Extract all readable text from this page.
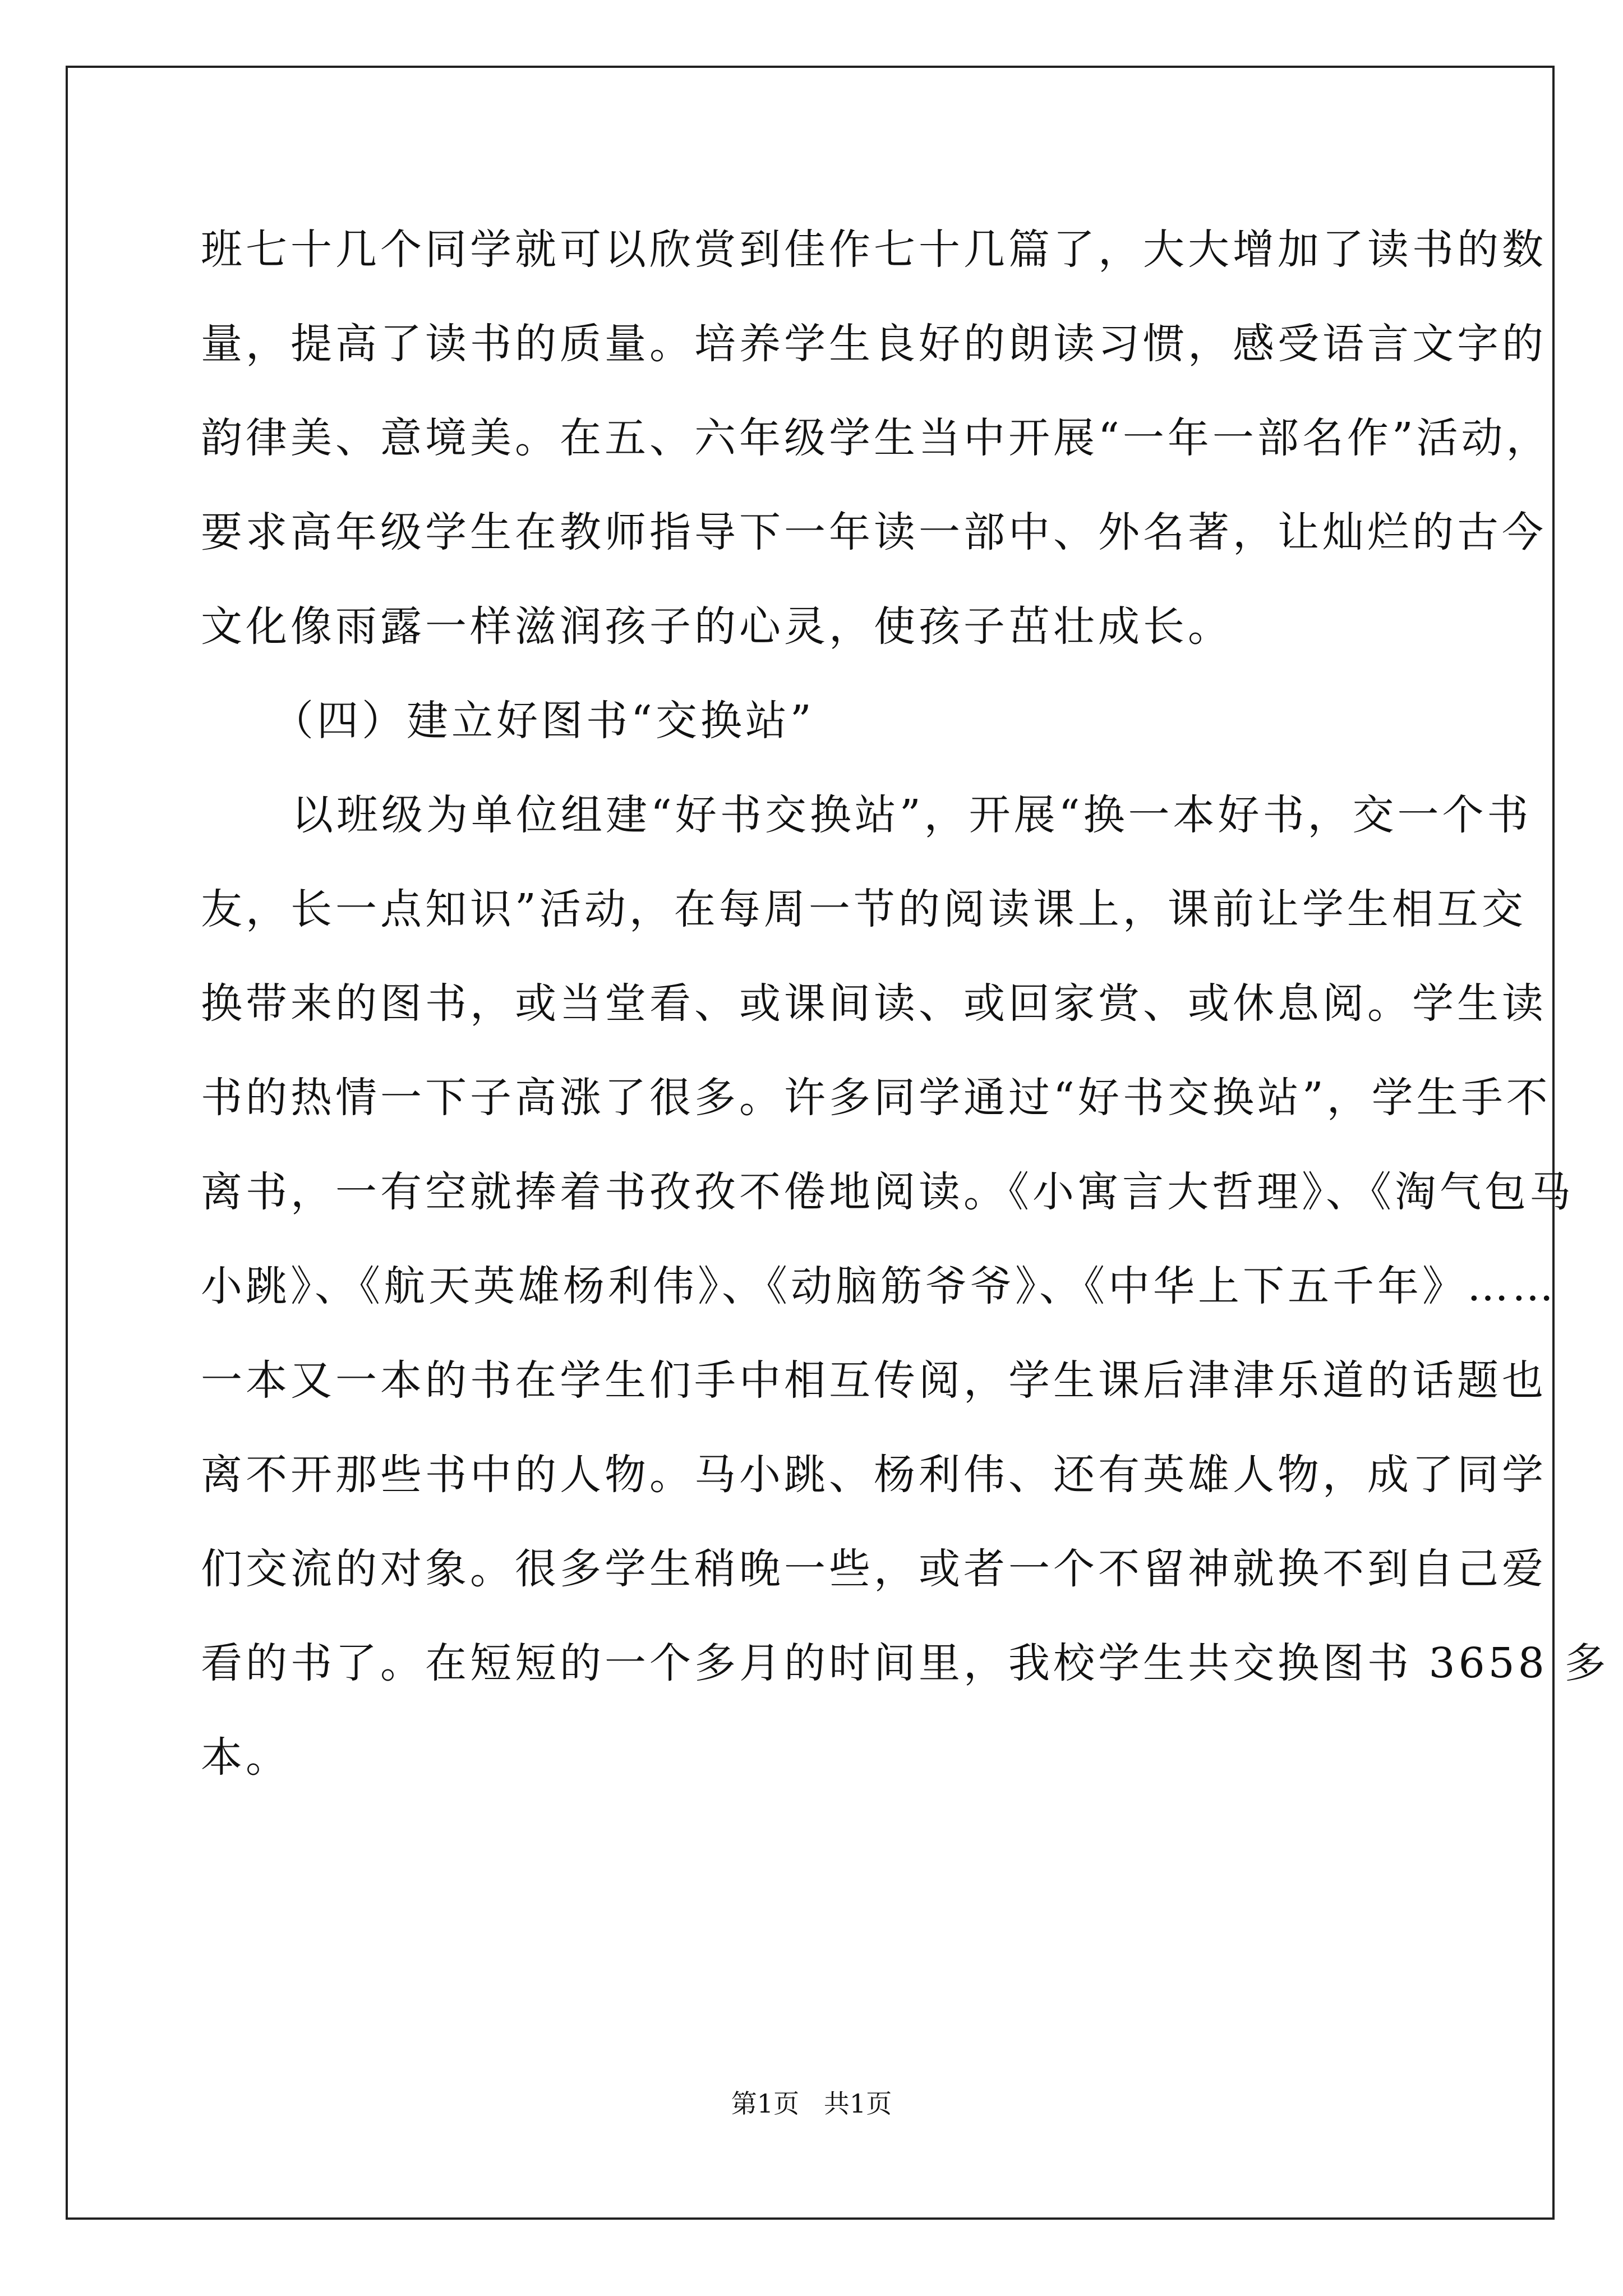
班七十几个同学就可以欣赏到佳作七十几篇了，大大增加了读书的数
量，提高了读书的质量。培养学生良好的朗读习惯，感受语言文字的
韵律美、意境美。在五、六年级学生当中开展“一年一部名作”活动，
要求高年级学生在教师指导下一年读一部中、外名著，让灿烂的古今
文化像雨露一样滋润孩子的心灵，使孩子茁壮成长。
（四）建立好图书“交换站”
以班级为单位组建“好书交换站”，开展“换一本好书，交一个书
友，长一点知识”活动，在每周一节的阅读课上，课前让学生相互交
换带来的图书，或当堂看、或课间读、或回家赏、或休息阅。学生读
书的热情一下子高涨了很多。许多同学通过“好书交换站”，学生手不
离书，一有空就捧着书孜孜不倦地阅读。《小寓言大哲理》、《淘气包马
小跳》、《航天英雄杨利伟》、《动脑筋爷爷》、《中华上下五千年》……
一本又一本的书在学生们手中相互传阅，学生课后津津乐道的话题也
离不开那些书中的人物。马小跳、杨利伟、还有英雄人物，成了同学
们交流的对象。很多学生稍晚一些，或者一个不留神就换不到自己爱
看的书了。在短短的一个多月的时间里，我校学生共交换图书 3658 多
本。
第1页   共1页
